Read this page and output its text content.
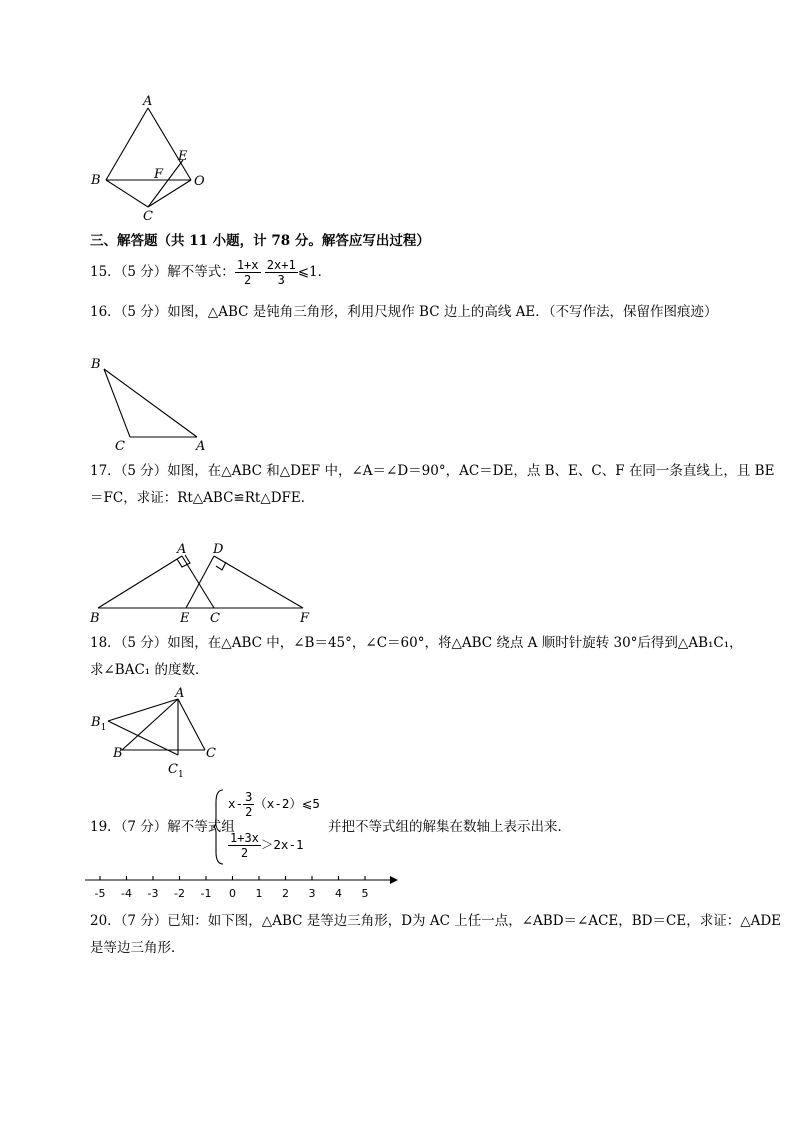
A
B
C
E
F O
三、解答题（共 11 小题，计 78 分。解答应写出过程）
15．（5 分）解不等式： $\frac{1+x}{2}$
$\frac{2x+1}{3}$ ⩽1．
16．（5 分）如图，△ABC 是钝角三角形，利用尺规作 BC 边上的高线 AE．（不写作法，保留作图痕迹）
B
C	A
17．（5 分）如图，在△ABC 和△DEF 中，∠A＝∠D＝90°，AC＝DE，点 B、E、C、F 在同一条直线上，且 BE
＝FC，求证：Rt△ABC≌Rt△DFE．
A D
B	E C	F
18．（5 分）如图，在△ABC 中，∠B＝45°，∠C＝60°，将△ABC 绕点 A 顺时针旋转 30°后得到△AB₁C₁，
求∠BAC₁ 的度数．
A
$B_1$
B
$C_1$
C
19．（7 分）解不等式组
$x- \frac{3}{2}$ （x-2）⩽5
$\frac{1+3x}{2} >2x-1$
并把不等式组的解集在数轴上表示出来．
-5 -4 -3 -2 -1 0 1 2 3 4 5
20．（7 分）已知：如下图，△ABC 是等边三角形，D为 AC 上任一点，∠ABD＝∠ACE，BD＝CE，求证：△ADE
是等边三角形．
